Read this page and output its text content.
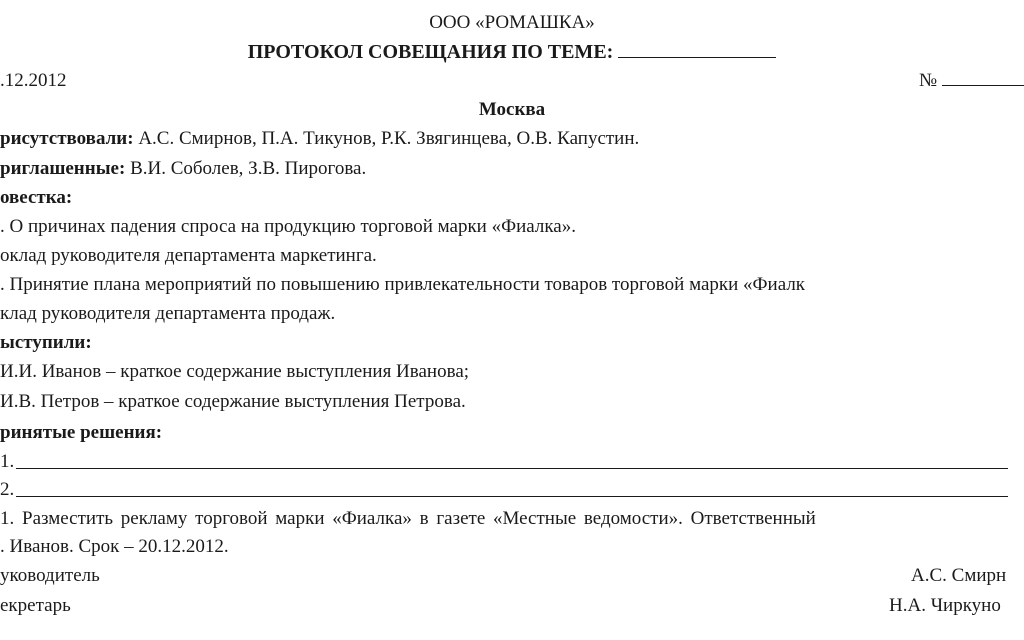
ООО «РОМАШКА»
ПРОТОКОЛ СОВЕЩАНИЯ ПО ТЕМЕ:
.12.2012	№
Москва
рисутствовали: А.С. Смирнов, П.А. Тикунов, Р.К. Звягинцева, О.В. Капустин.
риглашенные: В.И. Соболев, З.В. Пирогова.
овестка:
. О причинах падения спроса на продукцию торговой марки «Фиалка».
оклад руководителя департамента маркетинга.
. Принятие плана мероприятий по повышению привлекательности товаров торговой марки «Фиалк
клад руководителя департамента продаж.
ыступили:
И.И. Иванов – краткое содержание выступления Иванова;
И.В. Петров – краткое содержание выступления Петрова.
ринятые решения:
1.
2.
1. Разместить рекламу торговой марки «Фиалка» в газете «Местные ведомости». Ответственный
. Иванов. Срок – 20.12.2012.
уководитель	А.С. Смирн
екретарь	Н.А. Чиркуно
